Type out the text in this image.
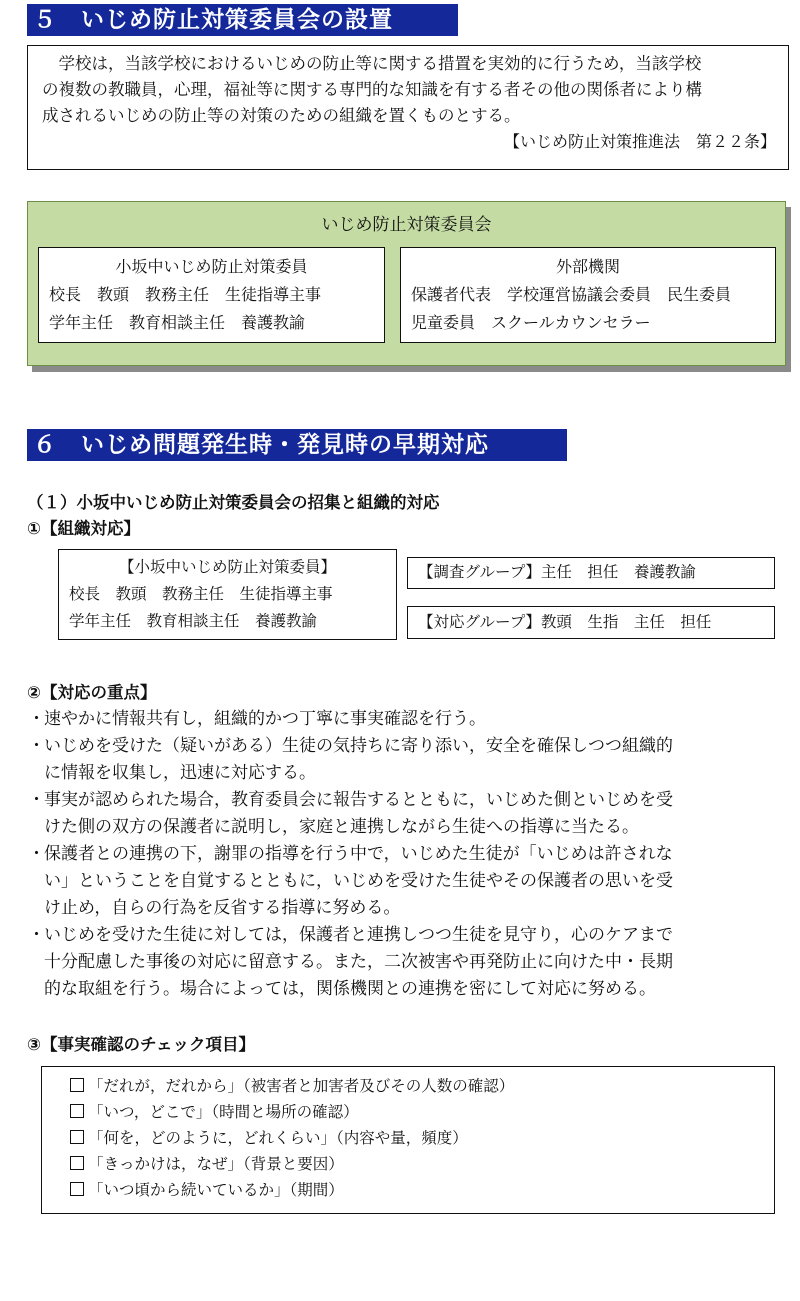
５　いじめ防止対策委員会の設置

学校は，当該学校におけるいじめの防止等に関する措置を実効的に行うため，当該学校

の複数の教職員，心理，福祉等に関する専門的な知識を有する者その他の関係者により構
成されるいじめの防止等の対策のための組織を置くものとする。
【いじめ防止対策推進法　第２２条】
いじめ防止対策委員会
小坂中いじめ防止対策委員
校長　教頭　教務主任　生徒指導主事
学年主任　教育相談主任　養護教諭
外部機関
保護者代表　学校運営協議会委員　民生委員
児童委員　スクールカウンセラー
６　いじめ問題発生時・発見時の早期対応
（１）小坂中いじめ防止対策委員会の招集と組織的対応
①【組織対応】
【小坂中いじめ防止対策委員】
校長　教頭　教務主任　生徒指導主事
学年主任　教育相談主任　養護教諭
【調査グループ】主任　担任　養護教諭
【対応グループ】教頭　生指　主任　担任
②【対応の重点】
・ 速やかに情報共有し，組織的かつ丁寧に事実確認を行う。
・ いじめを受けた（疑いがある）生徒の気持ちに寄り添い，安全を確保しつつ組織的
に情報を収集し，迅速に対応する。
・ 事実が認められた場合，教育委員会に報告するとともに，いじめた側といじめを受
けた側の双方の保護者に説明し，家庭と連携しながら生徒への指導に当たる。
・ 保護者との連携の下，謝罪の指導を行う中で，いじめた生徒が「いじめは許されな
い」ということを自覚するとともに，いじめを受けた生徒やその保護者の思いを受
け止め，自らの行為を反省する指導に努める。
・ いじめを受けた生徒に対しては，保護者と連携しつつ生徒を見守り，心のケアまで
十分配慮した事後の対応に留意する。また，二次被害や再発防止に向けた中・長期
的な取組を行う。場合によっては，関係機関との連携を密にして対応に努める。
③【事実確認のチェック項目】
「だれが，だれから」（被害者と加害者及びその人数の確認）
「いつ，どこで」（時間と場所の確認）
「何を，どのように，どれくらい」（内容や量，頻度）
「きっかけは，なぜ」（背景と要因）
「いつ頃から続いているか」（期間）
